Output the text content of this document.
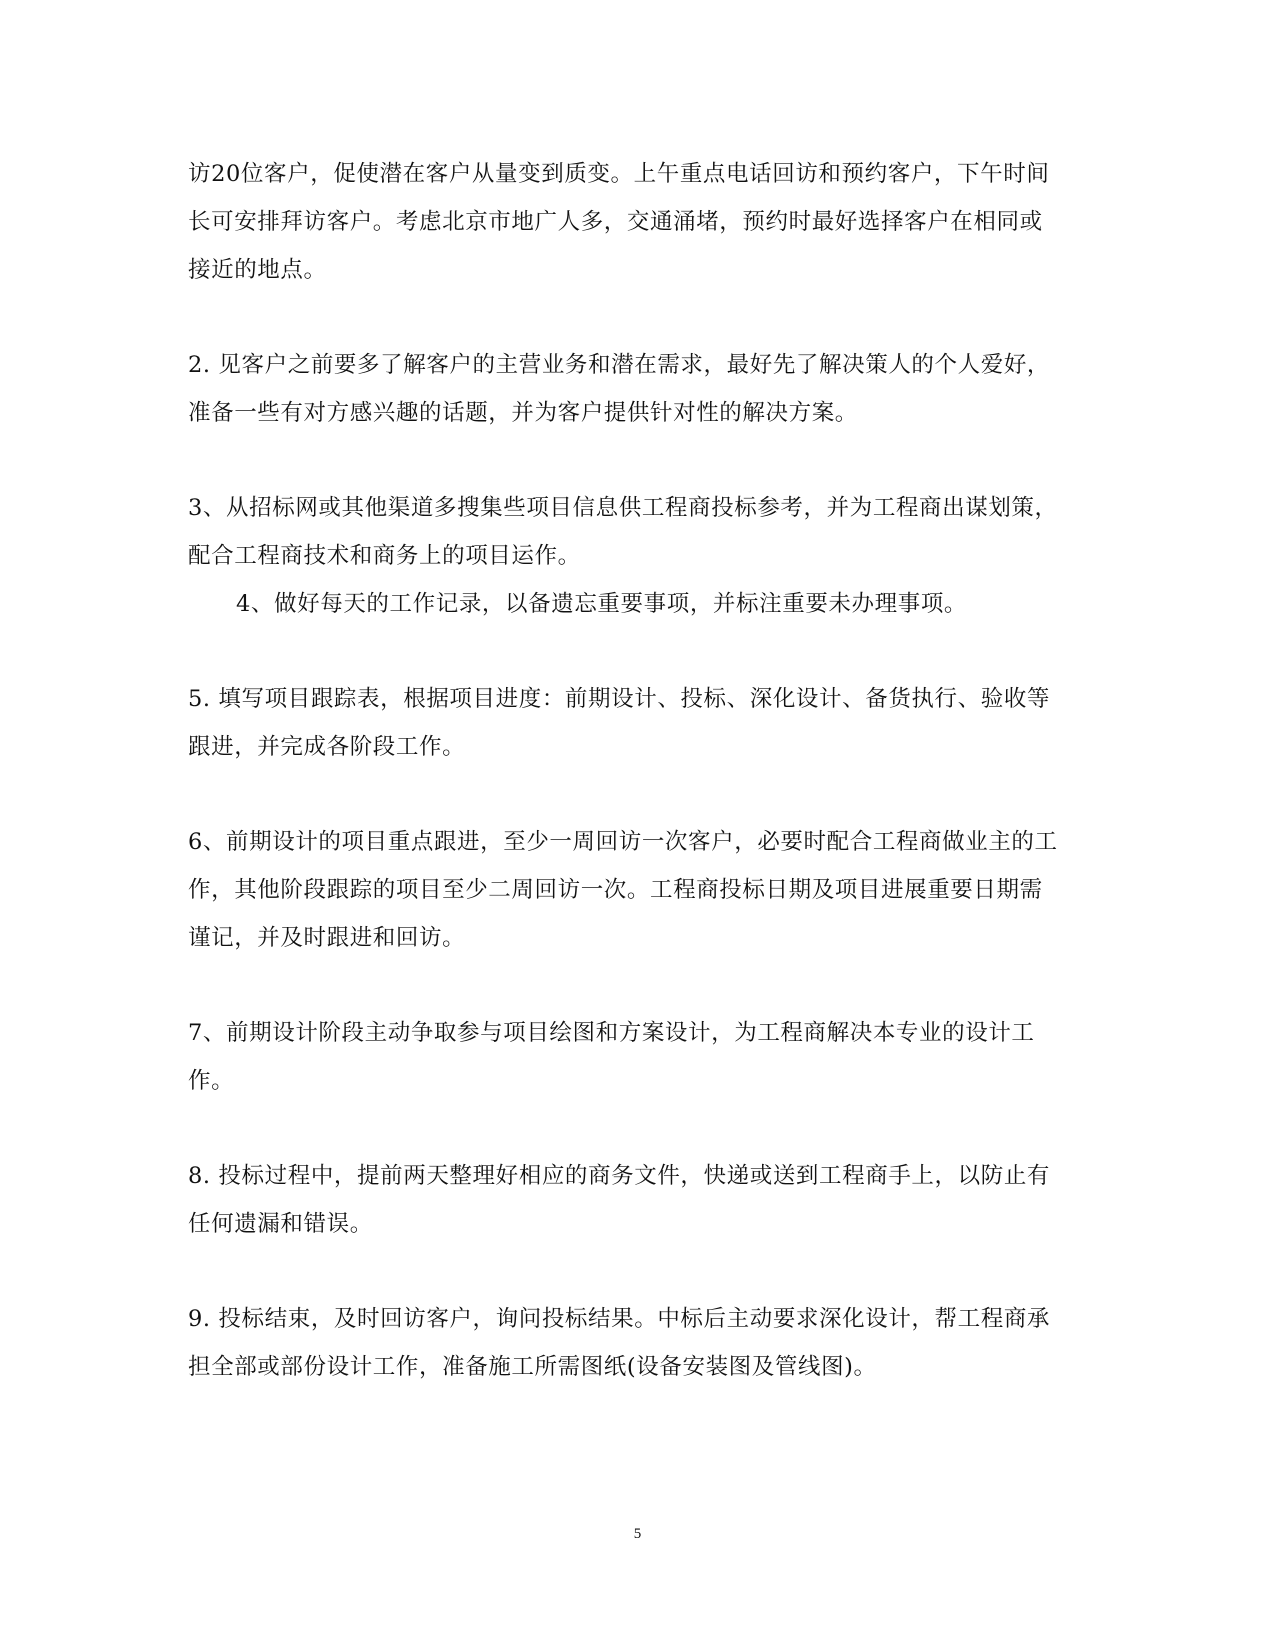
访20位客户，促使潜在客户从量变到质变。上午重点电话回访和预约客户，下午时间长可安排拜访客户。考虑北京市地广人多，交通涌堵，预约时最好选择客户在相同或接近的地点。

2. 见客户之前要多了解客户的主营业务和潜在需求，最好先了解决策人的个人爱好，准备一些有对方感兴趣的话题，并为客户提供针对性的解决方案。

3、从招标网或其他渠道多搜集些项目信息供工程商投标参考，并为工程商出谋划策，配合工程商技术和商务上的项目运作。

4、做好每天的工作记录，以备遗忘重要事项，并标注重要未办理事项。

5. 填写项目跟踪表，根据项目进度：前期设计、投标、深化设计、备货执行、验收等跟进，并完成各阶段工作。

6、前期设计的项目重点跟进，至少一周回访一次客户，必要时配合工程商做业主的工作，其他阶段跟踪的项目至少二周回访一次。工程商投标日期及项目进展重要日期需谨记，并及时跟进和回访。

7、前期设计阶段主动争取参与项目绘图和方案设计，为工程商解决本专业的设计工作。

8. 投标过程中，提前两天整理好相应的商务文件，快递或送到工程商手上，以防止有任何遗漏和错误。

9. 投标结束，及时回访客户，询问投标结果。中标后主动要求深化设计，帮工程商承担全部或部份设计工作，准备施工所需图纸(设备安装图及管线图)。

5
